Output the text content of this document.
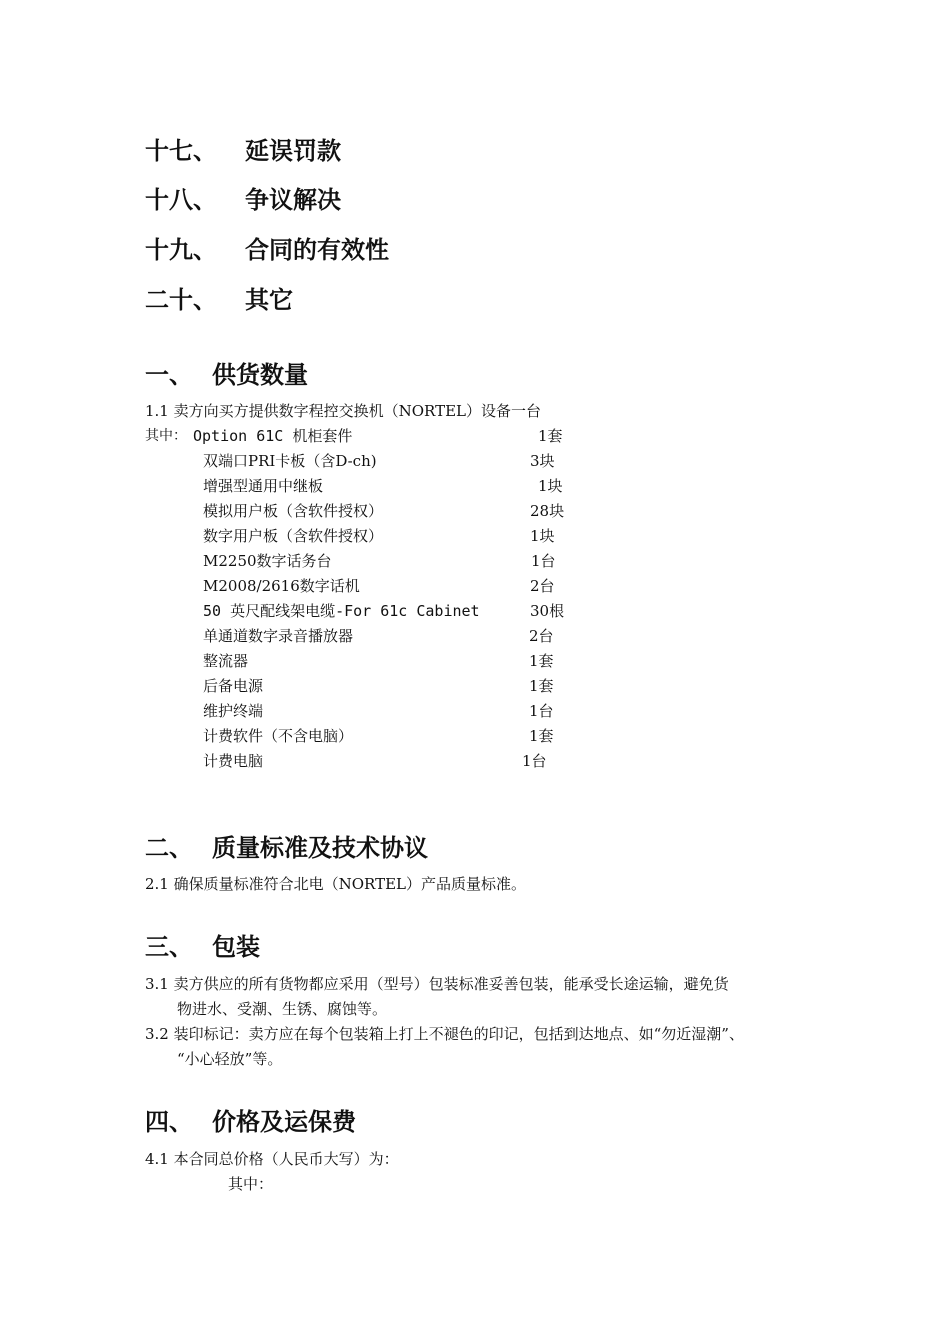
十七、 延误罚款
十八、 争议解决
十九、 合同的有效性
二十、 其它
一、 供货数量
1.1 卖方向买方提供数字程控交换机（NORTEL）设备一台
其中： Option 61C 机柜套件	1套
双端口PRI卡板（含D-ch)	3块
增强型通用中继板	1块
模拟用户板（含软件授权）	28块
数字用户板（含软件授权）	1块
M2250数字话务台	1台
M2008/2616数字话机	2台
50 英尺配线架电缆-For 61c Cabinet	30根
单通道数字录音播放器	2台
整流器	1套
后备电源	1套
维护终端	1台
计费软件（不含电脑）	1套
计费电脑	1台
二、 质量标准及技术协议
2.1 确保质量标准符合北电（NORTEL）产品质量标准。
三、 包装
3.1 卖方供应的所有货物都应采用（型号）包装标准妥善包装，能承受长途运输，避免货
物进水、受潮、生锈、腐蚀等。
3.2 装印标记：卖方应在每个包装箱上打上不褪色的印记，包括到达地点、如“勿近湿潮”、
“小心轻放”等。
四、 价格及运保费
4.1 本合同总价格（人民币大写）为：
其中：
